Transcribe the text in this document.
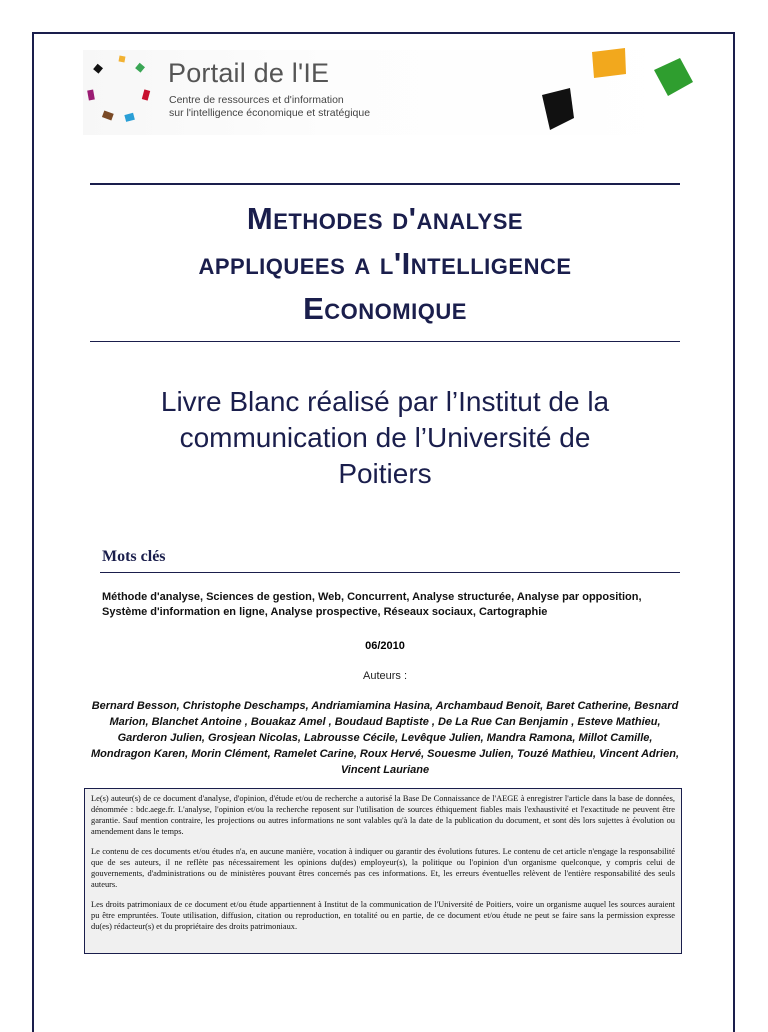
Portail de l'IE
Centre de ressources et d'information
sur l'intelligence économique et stratégique
Methodes d'analyse
appliquees a l'Intelligence
Economique
Livre Blanc réalisé par l’Institut de la
communication de l’Université de
Poitiers
Mots clés
Méthode d'analyse, Sciences de gestion, Web, Concurrent, Analyse structurée, Analyse par opposition, Système d'information en ligne, Analyse prospective, Réseaux sociaux, Cartographie
06/2010
Auteurs :
Bernard Besson, Christophe Deschamps, Andriamiamina Hasina, Archambaud Benoit, Baret Catherine, Besnard Marion, Blanchet Antoine , Bouakaz Amel , Boudaud Baptiste , De La Rue Can Benjamin , Esteve Mathieu, Garderon Julien, Grosjean Nicolas, Labrousse Cécile, Levêque Julien, Mandra Ramona, Millot Camille, Mondragon Karen, Morin Clément, Ramelet Carine, Roux Hervé, Souesme Julien, Touzé Mathieu, Vincent Adrien, Vincent Lauriane

Le(s) auteur(s) de ce document d'analyse, d'opinion, d'étude et/ou de recherche a autorisé la Base De Connaissance de l'AEGE à enregistrer l'article dans la base de données, dénommée : bdc.aege.fr. L'analyse, l'opinion et/ou la recherche reposent sur l'utilisation de sources éthiquement fiables mais l'exhaustivité et l'exactitude ne peuvent être garantie. Sauf mention contraire, les projections ou autres informations ne sont valables qu'à la date de la publication du document, et sont dès lors sujettes à évolution ou amendement dans le temps.

Le contenu de ces documents et/ou études n'a, en aucune manière, vocation à indiquer ou garantir des évolutions futures. Le contenu de cet article n'engage la responsabilité que de ses auteurs, il ne reflète pas nécessairement les opinions du(des) employeur(s), la politique ou l'opinion d'un organisme quelconque, y compris celui de gouvernements, d'administrations ou de ministères pouvant êtres concernés pas ces informations. Et, les erreurs éventuelles relèvent de l'entière responsabilité des seuls auteurs.

Les droits patrimoniaux de ce document et/ou étude appartiennent à Institut de la communication de l'Université de Poitiers, voire un organisme auquel les sources auraient pu être empruntées. Toute utilisation, diffusion, citation ou reproduction, en totalité ou en partie, de ce document et/ou étude ne peut se faire sans la permission expresse du(es) rédacteur(s) et du propriétaire des droits patrimoniaux.
